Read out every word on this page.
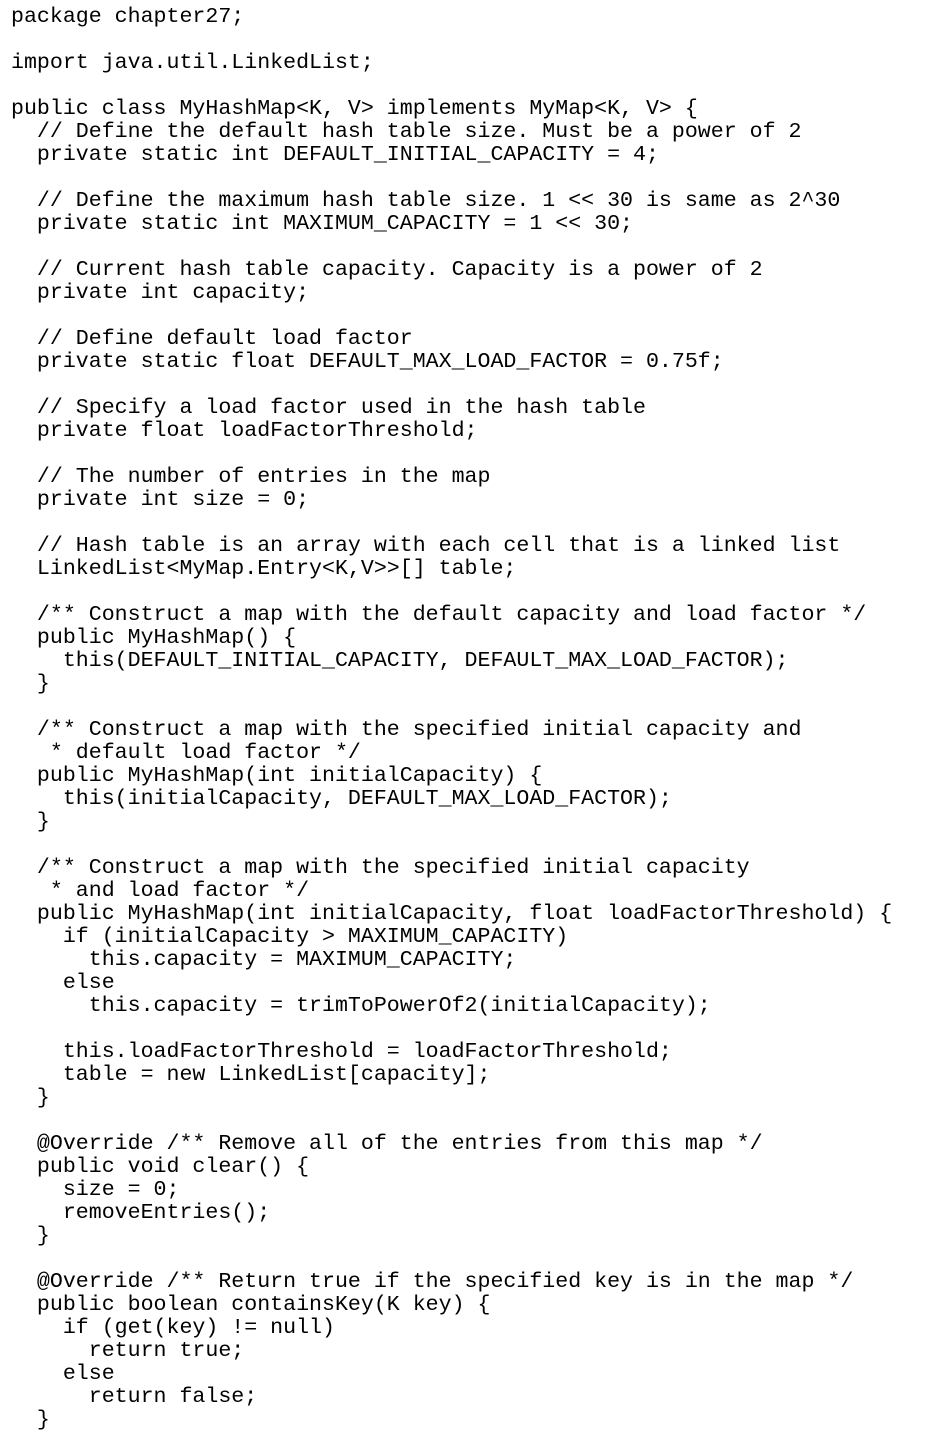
package chapter27;

import java.util.LinkedList;

public class MyHashMap<K, V> implements MyMap<K, V> {
// Define the default hash table size. Must be a power of 2
private static int DEFAULT_INITIAL_CAPACITY = 4;

// Define the maximum hash table size. 1 << 30 is same as 2^30
private static int MAXIMUM_CAPACITY = 1 << 30;

// Current hash table capacity. Capacity is a power of 2
private int capacity;

// Define default load factor
private static float DEFAULT_MAX_LOAD_FACTOR = 0.75f;

// Specify a load factor used in the hash table
private float loadFactorThreshold;

// The number of entries in the map
private int size = 0;

// Hash table is an array with each cell that is a linked list
LinkedList<MyMap.Entry<K,V>>[] table;

/** Construct a map with the default capacity and load factor */
public MyHashMap() {
this(DEFAULT_INITIAL_CAPACITY, DEFAULT_MAX_LOAD_FACTOR);
}

/** Construct a map with the specified initial capacity and
* default load factor */
public MyHashMap(int initialCapacity) {
this(initialCapacity, DEFAULT_MAX_LOAD_FACTOR);
}

/** Construct a map with the specified initial capacity
* and load factor */
public MyHashMap(int initialCapacity, float loadFactorThreshold) {
if (initialCapacity > MAXIMUM_CAPACITY)
this.capacity = MAXIMUM_CAPACITY;
else
this.capacity = trimToPowerOf2(initialCapacity);

this.loadFactorThreshold = loadFactorThreshold;
table = new LinkedList[capacity];
}

@Override /** Remove all of the entries from this map */
public void clear() {
size = 0;
removeEntries();
}

@Override /** Return true if the specified key is in the map */
public boolean containsKey(K key) {
if (get(key) != null)
return true;
else
return false;
}
